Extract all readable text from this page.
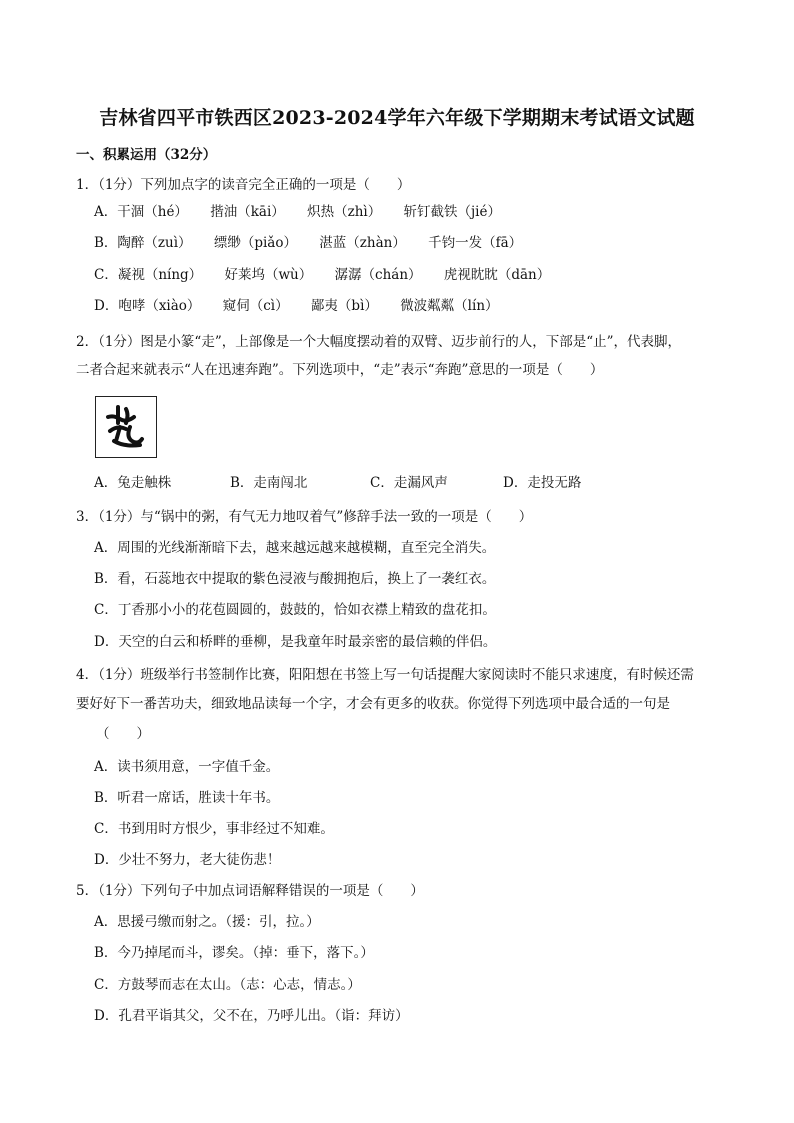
吉林省四平市铁西区2023-2024学年六年级下学期期末考试语文试题
一、积累运用（32分）
1．（1分）下列加点字的读音完全正确的一项是（　　）
A．干涸（hé） 揩油（kāi） 炽热（zhì） 斩钉截铁（jié）
B．陶醉（zuì） 缥缈（piǎo） 湛蓝（zhàn） 千钧一发（fā）
C．凝视（níng） 好莱坞（wù） 潺潺（chán） 虎视眈眈（dān）
D．咆哮（xiào） 窥伺（cì） 鄙夷（bì） 微波粼粼（lín）
2．（1分）图是小篆“走”，上部像是一个大幅度摆动着的双臂、迈步前行的人，下部是“止”，代表脚，
二者合起来就表示“人在迅速奔跑”。下列选项中，“走”表示“奔跑”意思的一项是（　　）
A．兔走触株	B．走南闯北	C．走漏风声	D．走投无路
3．（1分）与“锅中的粥，有气无力地叹着气”修辞手法一致的一项是（　　）
A．周围的光线渐渐暗下去，越来越远越来越模糊，直至完全消失。
B．看，石蕊地衣中提取的紫色浸液与酸拥抱后，换上了一袭红衣。
C．丁香那小小的花苞圆圆的，鼓鼓的，恰如衣襟上精致的盘花扣。
D．天空的白云和桥畔的垂柳，是我童年时最亲密的最信赖的伴侣。
4．（1分）班级举行书签制作比赛，阳阳想在书签上写一句话提醒大家阅读时不能只求速度，有时候还需
要好好下一番苦功夫，细致地品读每一个字，才会有更多的收获。你觉得下列选项中最合适的一句是
（　　）
A．读书须用意，一字值千金。
B．听君一席话，胜读十年书。
C．书到用时方恨少，事非经过不知难。
D．少壮不努力，老大徒伤悲！
5．（1分）下列句子中加点词语解释错误的一项是（　　）
A．思援弓缴而射之。（援：引，拉。）
B．今乃掉尾而斗，谬矣。（掉：垂下，落下。）
C．方鼓琴而志在太山。（志：心志，情志。）
D．孔君平诣其父，父不在，乃呼儿出。（诣：拜访）
